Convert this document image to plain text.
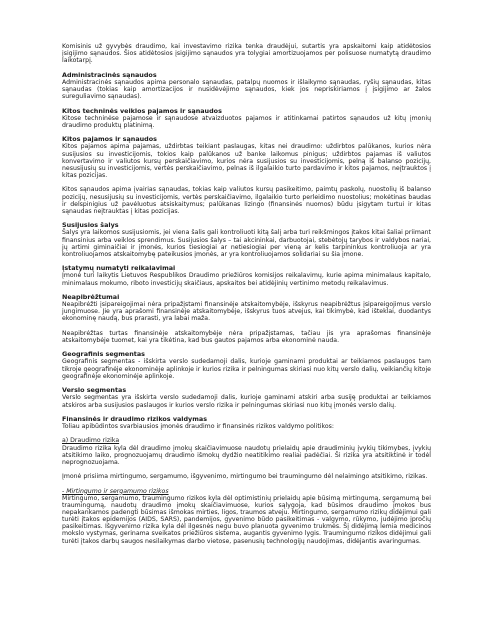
Komisinis už gyvybės draudimo, kai investavimo rizika tenka draudėjui, sutartis yra apskaitomi kaip atidėtosios įsigijimo sąnaudos. Šios atidėtosios įsigijimo sąnaudos yra tolygiai amortizuojamos per polisuose numatytą draudimo laikotarpį.

Administracinės sąnaudos

Administracinės sąnaudos apima personalo sąnaudas, patalpų nuomos ir išlaikymo sąnaudas, ryšių sąnaudas, kitas sąnaudas (tokias kaip amortizacijos ir nusidėvėjimo sąnaudos, kiek jos nepriskiriamos į įsigijimo ar žalos sureguliavimo sąnaudas).

Kitos techninės veiklos pajamos ir sąnaudos

Kitose techninėse pajamose ir sąnaudose atvaizduotos pajamos ir atitinkamai patirtos sąnaudos už kitų įmonių draudimo produktų platinimą.

Kitos pajamos ir sąnaudos

Kitos pajamos apima pajamas, uždirbtas teikiant paslaugas, kitas nei draudimo: uždirbtos palūkanos, kurios nėra susijusios su investicijomis, tokios kaip palūkanos už banke laikomus pinigus; uždirbtos pajamas iš valiutos konvertavimo ir valiutos kursų perskaičiavimo, kurios nėra susijusios su investicijomis, pelną iš balanso pozicijų, nesusijusių su investicijomis, vertės perskaičiavimo, pelnas iš ilgalaikio turto pardavimo ir kitos pajamos, neįtrauktos į kitas pozicijas.

Kitos sąnaudos apima įvairias sąnaudas, tokias kaip valiutos kursų pasikeitimo, paimtų paskolų, nuostolių iš balanso pozicijų, nesusijusių su investicijomis, vertės perskaičiavimo, ilgalaikio turto perleidimo nuostolius; mokėtinas baudas ir delspinigius už pavėluotus atsiskaitymus; palūkanas lizingo (finansinės nuomos) būdu įsigytam turtui ir kitas sąnaudas neįtrauktas į kitas pozicijas.

Susijusios šalys

Šalys yra laikomos susijusiomis, jei viena šalis gali kontroliuoti kitą šalį arba turi reikšmingos įtakos kitai šaliai priimant finansinius arba veiklos sprendimus. Susijusios šalys – tai akcininkai, darbuotojai, stebėtojų tarybos ir valdybos nariai, jų artimi giminaičiai ir įmonės, kurios tiesiogiai ar netiesiogiai per vieną ar kelis tarpininkus kontroliuoja ar yra kontroliuojamos atskaitomybę pateikusios įmonės, ar yra kontroliuojamos solidariai su šia įmone.

Įstatymų numatyti reikalavimai

Įmonė turi laikytis Lietuvos Respublikos Draudimo priežiūros komisijos reikalavimų, kurie apima minimalaus kapitalo, minimalaus mokumo, riboto investicijų skaičiaus, apskaitos bei atidėjinių vertinimo metodų reikalavimus.

Neapibrėžtumai

Neapibrėžti įsipareigojimai nėra pripažįstami finansinėje atskaitomybėje, išskyrus neapibrėžtus įsipareigojimus verslo jungimuose. Jie yra aprašomi finansinėje atskaitomybėje, išskyrus tuos atvejus, kai tikimybė, kad išteklai, duodantys ekonominę naudą, bus prarasti, yra labai maža.

Neapibrėžtas turtas finansinėje atskaitomybėje nėra pripažįstamas, tačiau jis yra aprašomas finansinėje atskaitomybėje tuomet, kai yra tikėtina, kad bus gautos pajamos arba ekonominė nauda.

Geografinis segmentas

Geografinis segmentas - išskirta verslo sudedamoji dalis, kurioje gaminami produktai ar teikiamos paslaugos tam tikroje geografinėje ekonominėje aplinkoje ir kurios rizika ir pelningumas skiriasi nuo kitų verslo dalių, veikiančių kitoje geografinėje ekonominėje aplinkoje.

Verslo segmentas

Verslo segmentas yra išskirta verslo sudedamoji dalis, kurioje gaminami atskiri arba susiję produktai ar teikiamos atskiros arba susijusios paslaugos ir kurios verslo rizika ir pelningumas skiriasi nuo kitų įmonės verslo dalių.

Finansinės ir draudimo rizikos valdymas

Toliau apibūdintos svarbiausios įmonės draudimo ir finansinės rizikos valdymo politikos:

a) Draudimo rizika

Draudimo rizika kyla dėl draudimo įmokų skaičiavimuose naudotų prielaidų apie draudiminių įvykių tikimybes, įvykių atsitikimo laiko, prognozuojamų draudimo išmokų dydžio neatitikimo realiai padėčiai. Ši rizika yra atsitiktinė ir todėl neprognozuojama.

Įmonė prisiima mirtingumo, sergamumo, išgyvenimo, mirtingumo bei traumingumo dėl nelaimingo atsitikimo, rizikas.

- Mirtingumo ir sergamumo rizikos

Mirtingumo, sergamumo, traumingumo rizikos kyla dėl optimistinių prielaidų apie būsimą mirtingumą, sergamumą bei traumingumą, naudotų draudimo įmokų skaičiavimuose, kurios sąlygoja, kad būsimos draudimo įmokos bus nepakankamos padengti būsimas išmokas mirties, ligos, traumos atveju. Mirtingumo, sergamumo rizikų didėjimui gali turėti įtakos epidemijos (AIDS, SARS), pandemijos, gyvenimo būdo pasikeitimas - valgymo, rūkymo, judėjimo įpročių pasikeitimas. Išgyvenimo rizika kyla dėl ilgesnės negu buvo planuota gyvenimo trukmės. Šį didėjimą lemia medicinos mokslo vystymas, gerinama sveikatos priežiūros sistema, augantis gyvenimo lygis. Traumingumo rizikos didėjimui gali turėti įtakos darbų saugos nesilaikymas darbo vietose, pasenusių technologijų naudojimas, didėjantis avaringumas.
